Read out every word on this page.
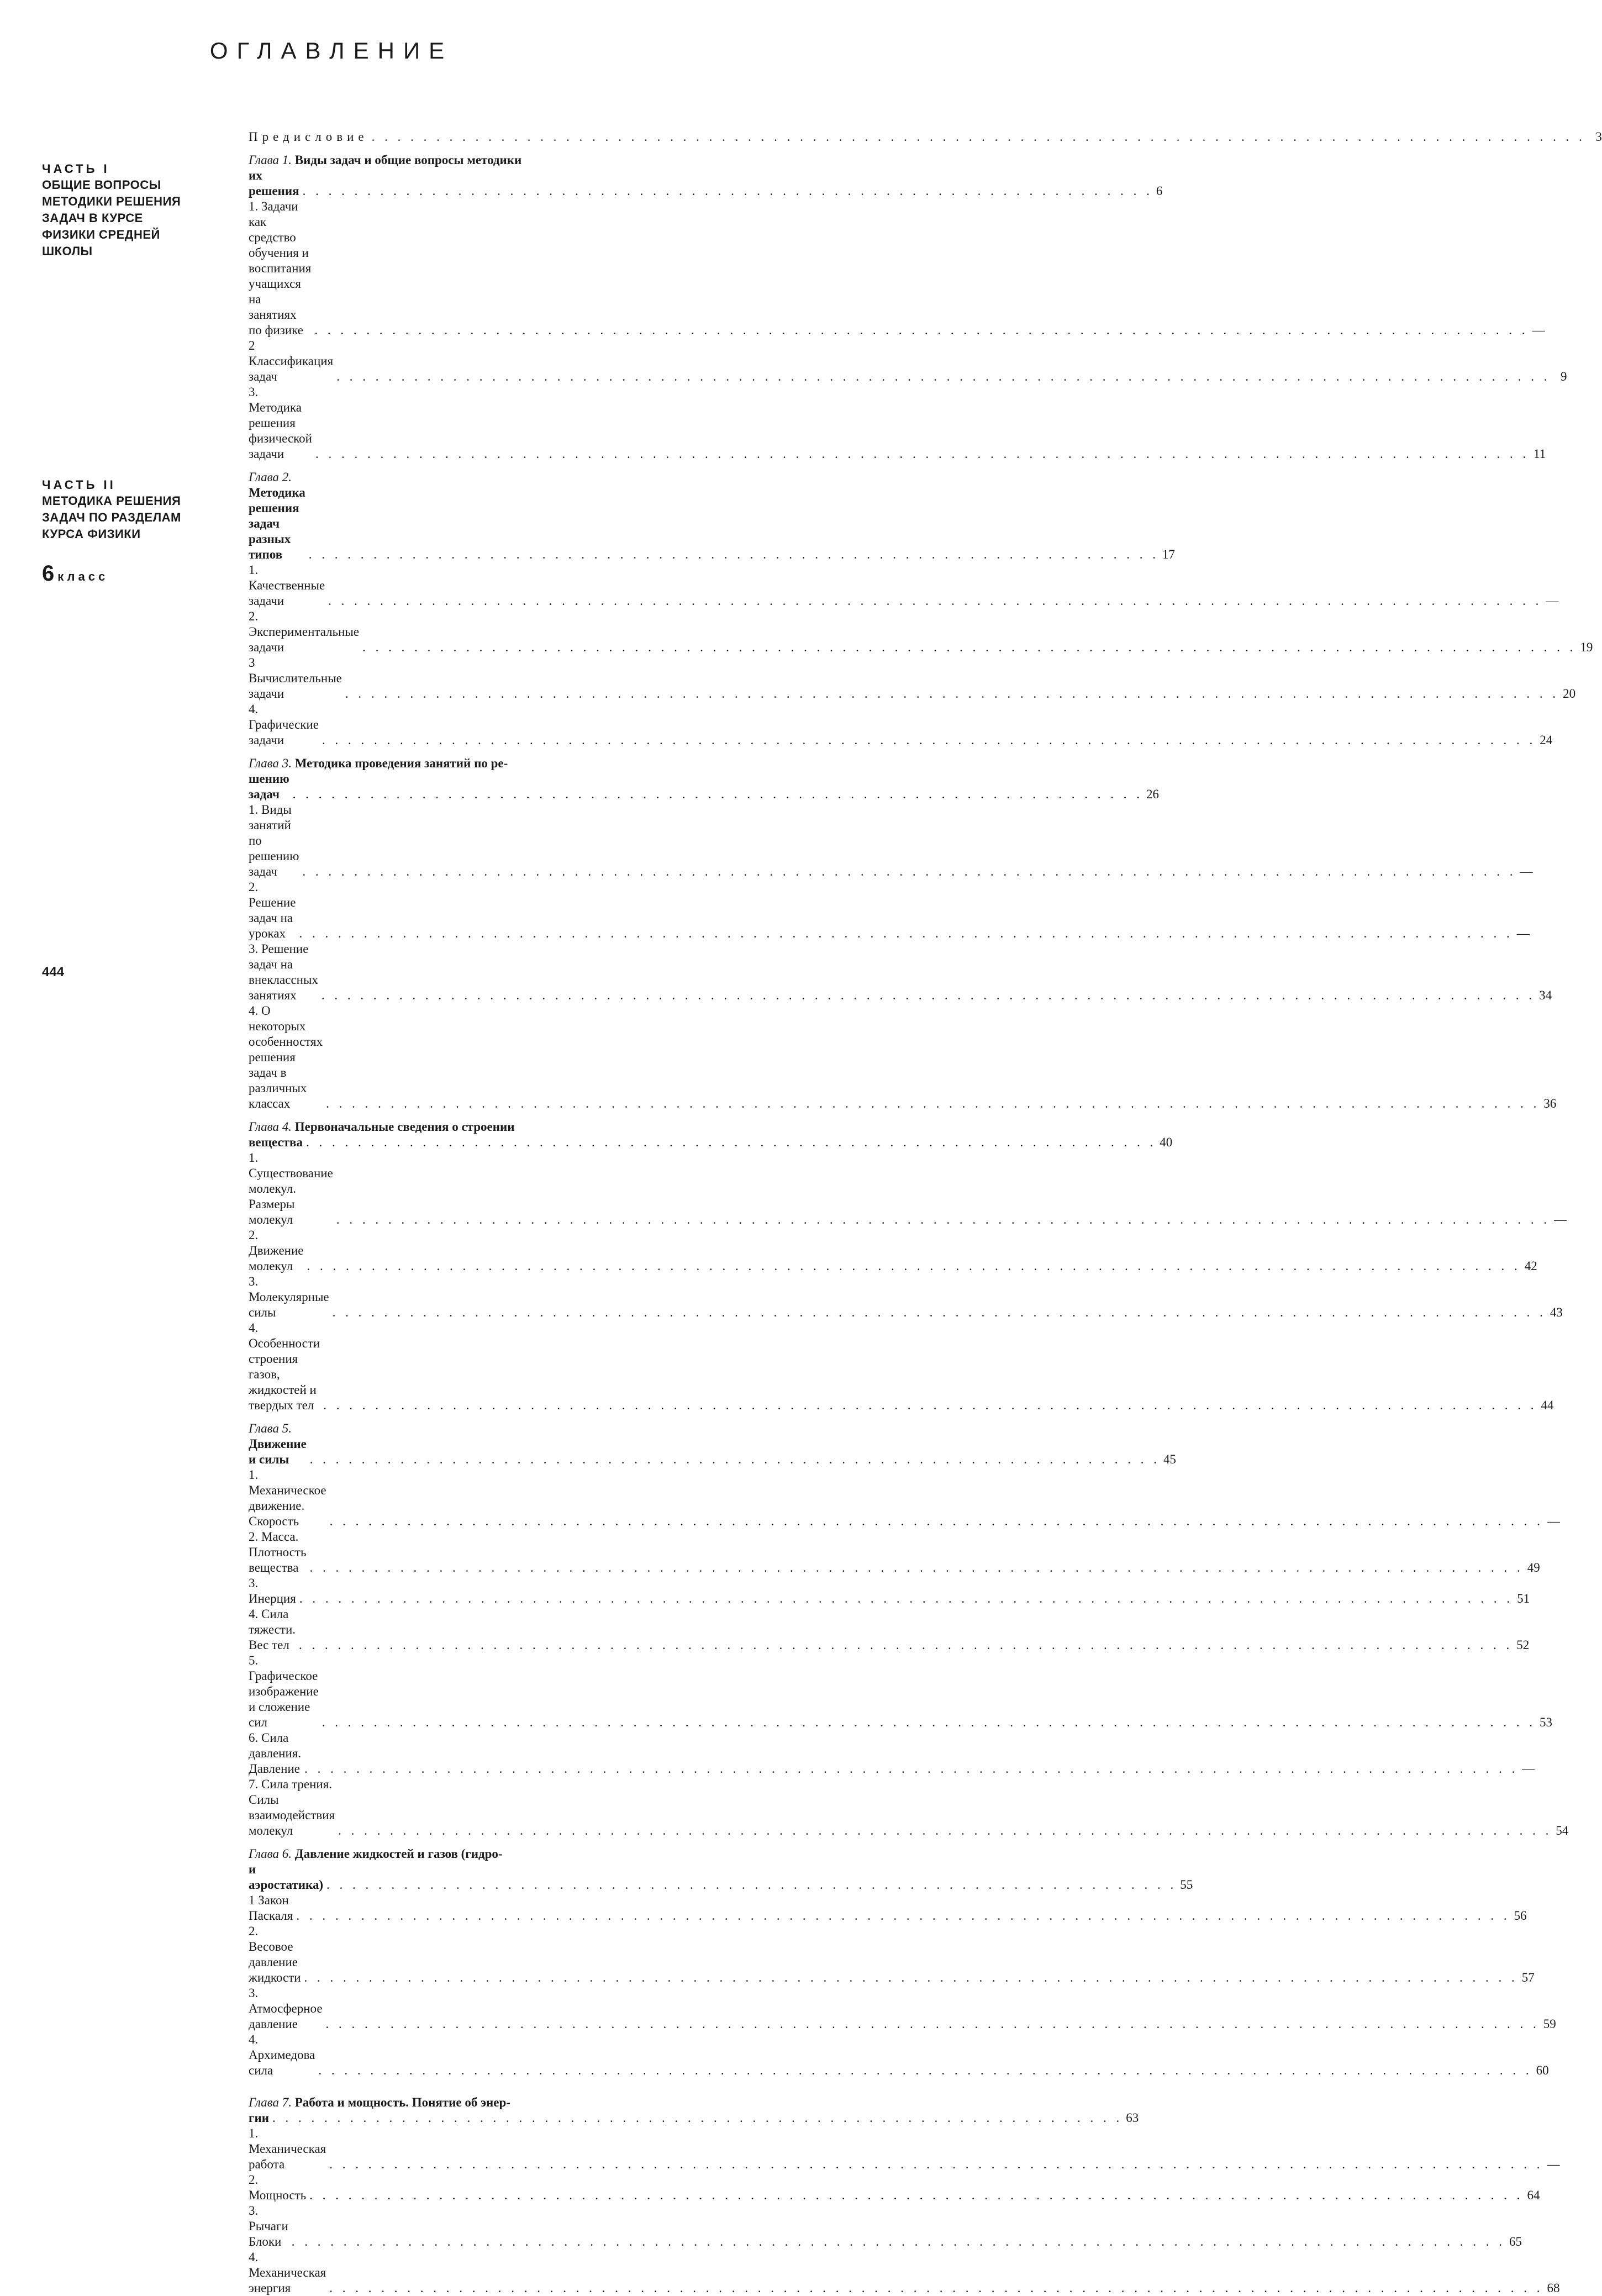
ОГЛАВЛЕНИЕ
ЧАСТЬ I
ОБЩИЕ ВОПРОСЫ
МЕТОДИКИ РЕШЕНИЯ
ЗАДАЧ В КУРСЕ
ФИЗИКИ СРЕДНЕЙ
ШКОЛЫ
ЧАСТЬ II
МЕТОДИКА РЕШЕНИЯ
ЗАДАЧ ПО РАЗДЕЛАМ
КУРСА ФИЗИКИ
6 класс
Предисловие . . .	3
Глава 1. Виды задач и общие вопросы методики
их решения . . .	6
1. Задачи как средство обучения и воспитания учащихся на занятиях по физике . . .	—
2 Классификация задач . . .	9
3. Методика решения физической задачи . . .	11
Глава 2. Методика решения задач разных типов . . .	17
1. Качественные задачи . . .	—
2. Экспериментальные задачи . . .	19
3 Вычислительные задачи . . .	20
4. Графические задачи . . .	24
Глава 3. Методика проведения занятий по ре-
шению задач . . .	26
1. Виды занятий по решению задач . . .	—
2. Решение задач на уроках . . .	—
3. Решение задач на внеклассных занятиях . . .	34
4. О некоторых особенностях решения задач в различных классах . . .	36
Глава 4. Первоначальные сведения о строении
вещества . . .	40
1. Существование молекул. Размеры молекул . . .	—
2. Движение молекул . . .	42
3. Молекулярные силы . . .	43
4. Особенности строения газов, жидкостей и твердых тел . . .	44
Глава 5. Движение и силы . . .	45
1. Механическое движение. Скорость . . .	—
2. Масса. Плотность вещества . . .	49
3. Инерция . . .	51
4. Сила тяжести. Вес тел . . .	52
5. Графическое изображение и сложение сил . . .	53
6. Сила давления. Давление . . .	—
7. Сила трения. Силы взаимодействия молекул . . .	54
Глава 6. Давление жидкостей и газов (гидро-
и аэростатика) . . .	55
1 Закон Паскаля . . .	56
2. Весовое давление жидкости . . .	57
3. Атмосферное давление . . .	59
4. Архимедова сила . . .	60
Глава 7. Работа и мощность. Понятие об энер-
гии . . .	63
1. Механическая работа . . .	—
2. Мощность . . .	64
3. Рычаги Блоки . . .	65
4. Механическая энергия . . .	68
444
